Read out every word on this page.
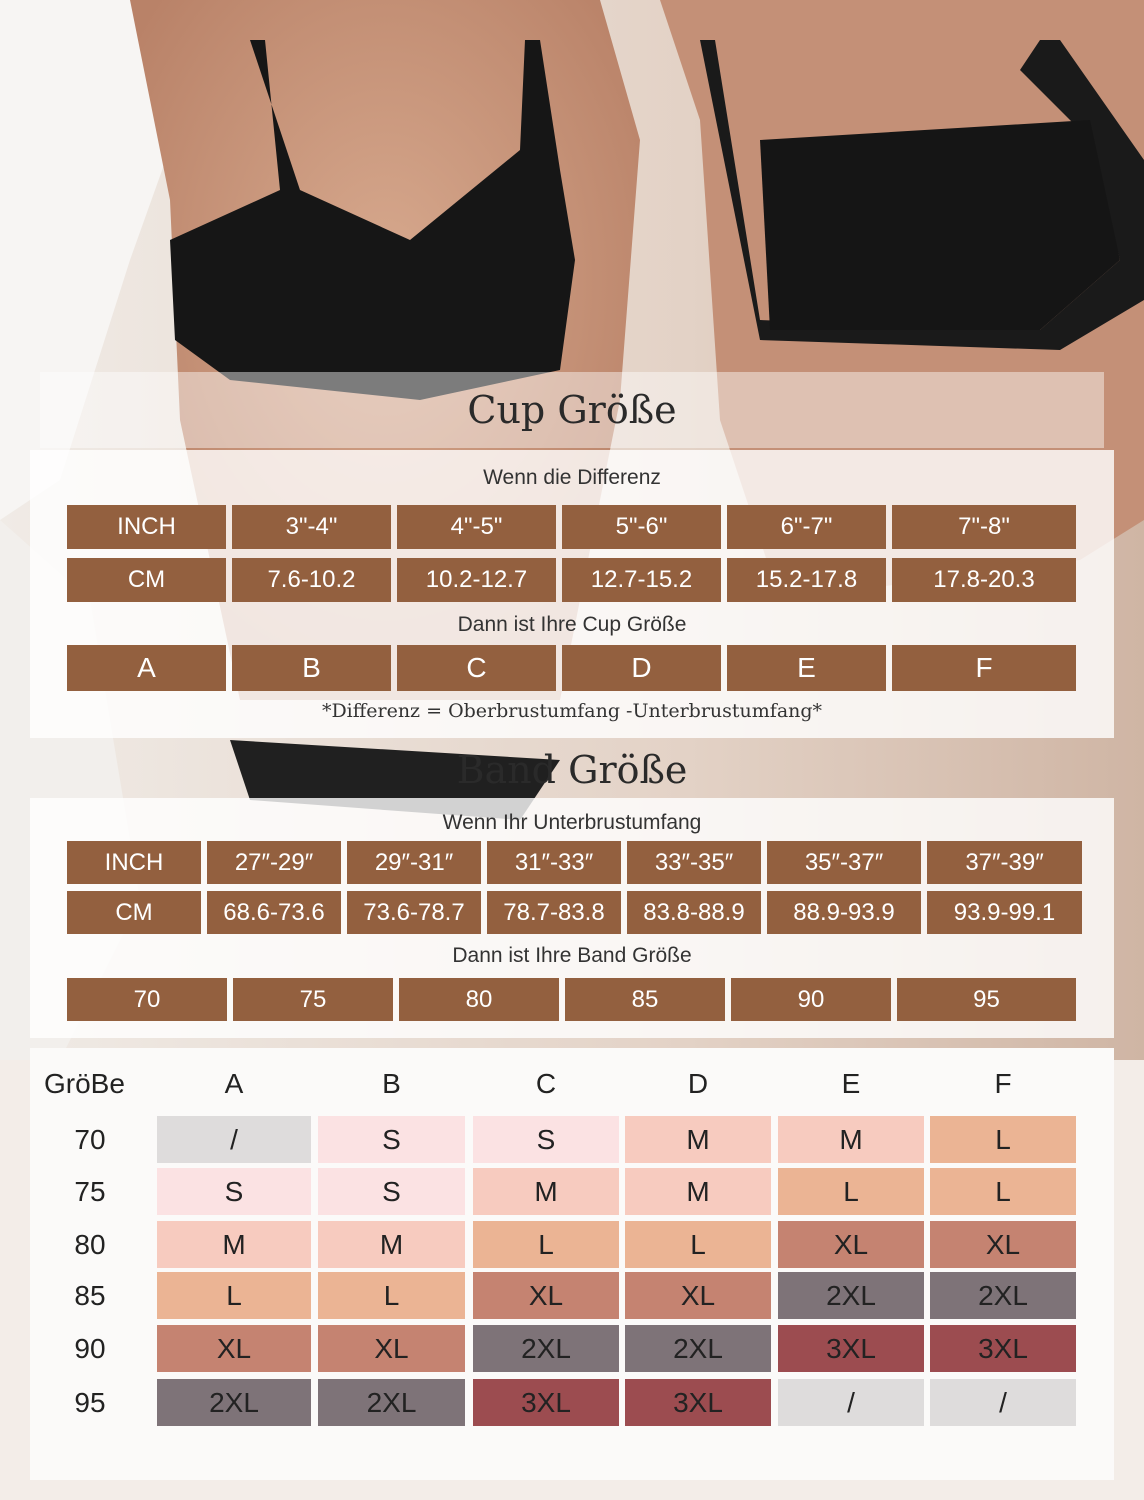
Cup Größe
Wenn die Differenz
INCH	3"-4"	4"-5"	5"-6"	6"-7"	7"-8"
CM	7.6-10.2	10.2-12.7	12.7-15.2	15.2-17.8	17.8-20.3
Dann ist Ihre Cup Größe
A	B	C	D	E	F
*Differenz = Oberbrustumfang -Unterbrustumfang*
Band Größe
Wenn Ihr Unterbrustumfang
INCH	27″-29″	29″-31″	31″-33″	33″-35″	35″-37″	37″-39″
CM	68.6-73.6	73.6-78.7	78.7-83.8	83.8-88.9	88.9-93.9	93.9-99.1
Dann ist Ihre Band Größe
70	75	80	85	90	95
GröBe	A	B	C	D	E	F
70	/	S	S	M	M	L
75	S	S	M	M	L	L
80	M	M	L	L	XL	XL
85	L	L	XL	XL	2XL	2XL
90	XL	XL	2XL	2XL	3XL	3XL
95	2XL	2XL	3XL	3XL	/	/
